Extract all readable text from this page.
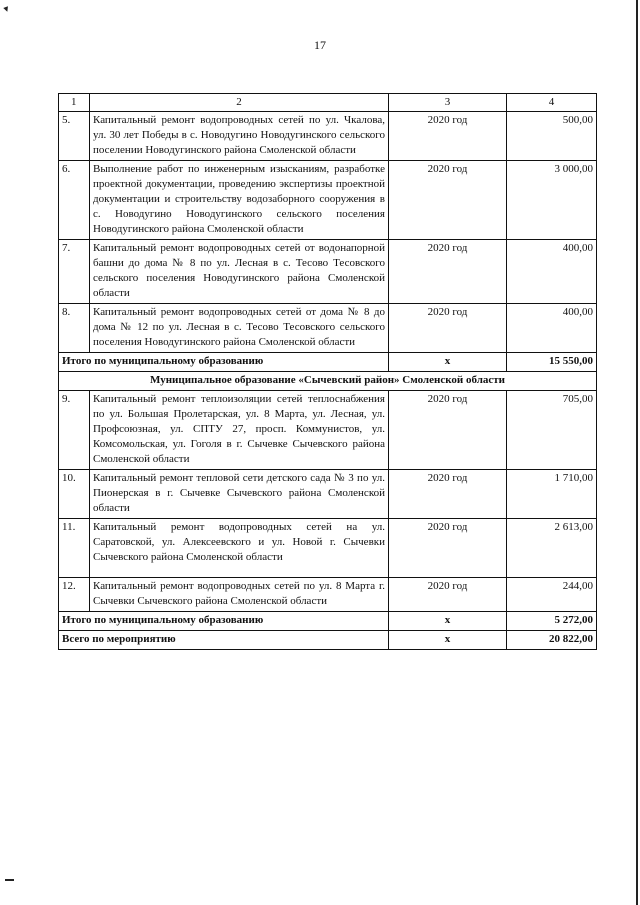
▾
17
1	2	3	4
5.	Капитальный ремонт водопроводных сетей по ул. Чкалова, ул. 30 лет Победы в с. Новодугино Новодугинского сельского поселении Новодугинского района Смоленской области	2020 год	500,00
6.	Выполнение работ по инженерным изысканиям, разработке проектной документации, проведению экспертизы проектной документации и строительству водозаборного сооружения в с. Новодугино Новодугинского сельского поселения Новодугинского района Смоленской области	2020 год	3 000,00
7.	Капитальный ремонт водопроводных сетей от водонапорной башни до дома № 8 по ул. Лесная в с. Тесово Тесовского сельского поселения Новодугинского района Смоленской области	2020 год	400,00
8.	Капитальный ремонт водопроводных сетей от дома № 8 до дома № 12 по ул. Лесная в с. Тесово Тесовского сельского поселения Новодугинского района Смоленской области	2020 год	400,00
Итого по муниципальному образованию		х	15 550,00
Муниципальное образование «Сычевский район» Смоленской области			
9.	Капитальный ремонт теплоизоляции сетей теплоснабжения по ул. Большая Пролетарская, ул. 8 Марта, ул. Лесная, ул. Профсоюзная, ул. СПТУ 27, просп. Коммунистов, ул. Комсомольская, ул. Гоголя в г. Сычевке Сычевского района Смоленской области	2020 год	705,00
10.	Капитальный ремонт тепловой сети детского сада № 3 по ул. Пионерская в г. Сычевке Сычевского района Смоленской области	2020 год	1 710,00
11.	Капитальный ремонт водопроводных сетей на ул. Саратовской, ул. Алексеевского и ул. Новой г. Сычевки Сычевского района Смоленской области	2020 год	2 613,00
12.	Капитальный ремонт водопроводных сетей по ул. 8 Марта г. Сычевки Сычевского района Смоленской области	2020 год	244,00
Итого по муниципальному образованию		х	5 272,00
Всего по мероприятию		х	20 822,00
